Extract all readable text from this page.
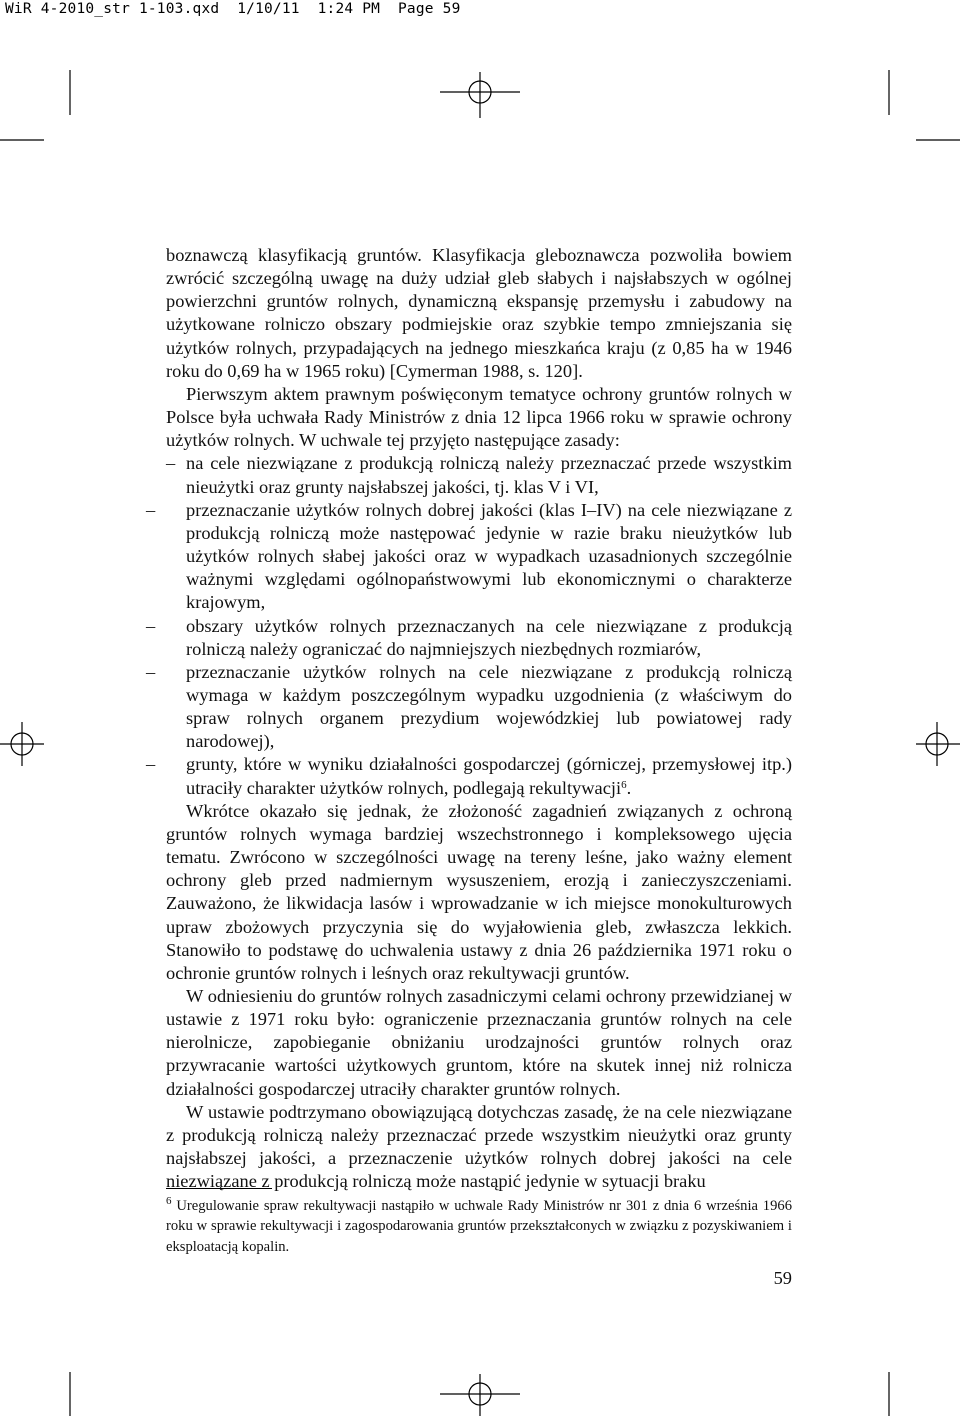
WiR 4-2010_str 1-103.qxd 1/10/11 1:24 PM Page 59

boznawczą klasyfikacją gruntów. Klasyfikacja gleboznawcza pozwoliła bowiem zwrócić szczególną uwagę na duży udział gleb słabych i najsłabszych w ogólnej powierzchni gruntów rolnych, dynamiczną ekspansję przemysłu i zabudowy na użytkowane rolniczo obszary podmiejskie oraz szybkie tempo zmniejszania się użytków rolnych, przypadających na jednego mieszkańca kraju (z 0,85 ha w 1946 roku do 0,69 ha w 1965 roku) [Cymerman 1988, s. 120].

Pierwszym aktem prawnym poświęconym tematyce ochrony gruntów rolnych w Polsce była uchwała Rady Ministrów z dnia 12 lipca 1966 roku w sprawie ochrony użytków rolnych. W uchwale tej przyjęto następujące zasady:

– na cele niezwiązane z produkcją rolniczą należy przeznaczać przede wszystkim nieużytki oraz grunty najsłabszej jakości, tj. klas V i VI,
– przeznaczanie użytków rolnych dobrej jakości (klas I–IV) na cele niezwiązane z produkcją rolniczą może następować jedynie w razie braku nieużytków lub użytków rolnych słabej jakości oraz w wypadkach uzasadnionych szczególnie ważnymi względami ogólnopaństwowymi lub ekonomicznymi o charakterze krajowym,
– obszary użytków rolnych przeznaczanych na cele niezwiązane z produkcją rolniczą należy ograniczać do najmniejszych niezbędnych rozmiarów,
– przeznaczanie użytków rolnych na cele niezwiązane z produkcją rolniczą wymaga w każdym poszczególnym wypadku uzgodnienia (z właściwym do spraw rolnych organem prezydium wojewódzkiej lub powiatowej rady narodowej),
– grunty, które w wyniku działalności gospodarczej (górniczej, przemysłowej itp.) utraciły charakter użytków rolnych, podlegają rekultywacji$^6$.

Wkrótce okazało się jednak, że złożoność zagadnień związanych z ochroną gruntów rolnych wymaga bardziej wszechstronnego i kompleksowego ujęcia tematu. Zwrócono w szczególności uwagę na tereny leśne, jako ważny element ochrony gleb przed nadmiernym wysuszeniem, erozją i zanieczyszczeniami. Zauważono, że likwidacja lasów i wprowadzanie w ich miejsce monokulturowych upraw zbożowych przyczynia się do wyjałowienia gleb, zwłaszcza lekkich. Stanowiło to podstawę do uchwalenia ustawy z dnia 26 października 1971 roku o ochronie gruntów rolnych i leśnych oraz rekultywacji gruntów.

W odniesieniu do gruntów rolnych zasadniczymi celami ochrony przewidzianej w ustawie z 1971 roku było: ograniczenie przeznaczania gruntów rolnych na cele nierolnicze, zapobieganie obniżaniu urodzajności gruntów rolnych oraz przywracanie wartości użytkowych gruntom, które na skutek innej niż rolnicza działalności gospodarczej utraciły charakter gruntów rolnych.

W ustawie podtrzymano obowiązującą dotychczas zasadę, że na cele niezwiązane z produkcją rolniczą należy przeznaczać przede wszystkim nieużytki oraz grunty najsłabszej jakości, a przeznaczenie użytków rolnych dobrej jakości na cele niezwiązane z produkcją rolniczą może nastąpić jedynie w sytuacji braku

$^6$ Uregulowanie spraw rekultywacji nastąpiło w uchwale Rady Ministrów nr 301 z dnia 6 września 1966 roku w sprawie rekultywacji i zagospodarowania gruntów przekształconych w związku z pozyskiwaniem i eksploatacją kopalin.
59
